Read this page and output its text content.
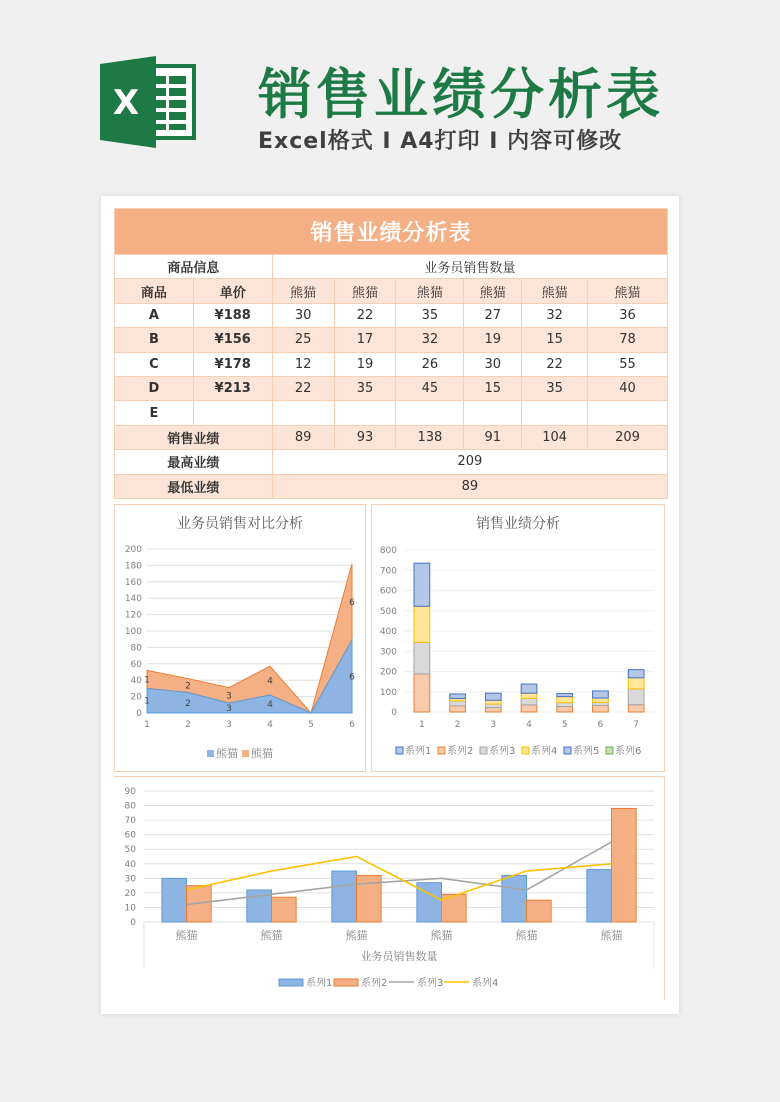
X 销售业绩分析表
Excel格式 I A4打印 I 内容可修改
销售业绩分析表							
商品信息		业务员销售数量					
商品	单价	熊猫	熊猫	熊猫	熊猫	熊猫	熊猫
A	¥188	30	22	35	27	32	36
B	¥156	25	17	32	19	15	78
C	¥178	12	19	26	30	22	55
D	¥213	22	35	45	15	35	40
E							
销售业绩		89	93	138	91	104	209
最高业绩		209					
最低业绩		89					
业务员销售对比分析
0
20
40
60
80
100
120
140
160
180
200
1
1
1
2
2
2
3
3
3
4
4
4
5	6
6
6
熊猫 熊猫
销售业绩分析
0
100
200
300
400
500
600
700
800
1	2	3	4	5	6	7
系列1 系列2 系列3 系列4 系列5 系列6
0
10
20
30
40
50
60
70
80
90
熊猫	熊猫	熊猫	熊猫	熊猫	熊猫
业务员销售数量
系列1	系列2	系列3	系列4
